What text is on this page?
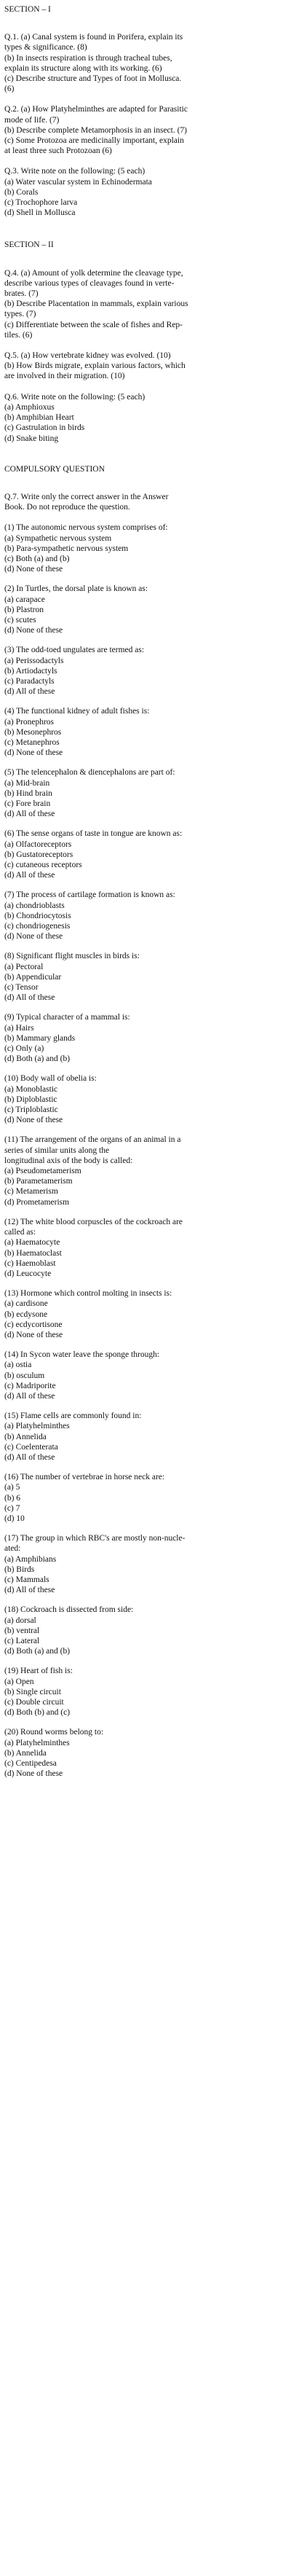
SECTION – I
Q.1. (a) Canal system is found in Porifera, explain its
types & significance. (8)
(b) In insects respiration is through tracheal tubes,
explain its structure along with its working. (6)
(c) Describe structure and Types of foot in Mollusca.
(6)
Q.2. (a) How Platyhelminthes are adapted for Parasitic
mode of life. (7)
(b) Describe complete Metamorphosis in an insect. (7)
(c) Some Protozoa are medicinally important, explain
at least three such Protozoan (6)
Q.3. Write note on the following: (5 each)
(a) Water vascular system in Echinodermata
(b) Corals
(c) Trochophore larva
(d) Shell in Mollusca
SECTION – II
Q.4. (a) Amount of yolk determine the cleavage type,
describe various types of cleavages found in verte-
brates. (7)
(b) Describe Placentation in mammals, explain various
types. (7)
(c) Differentiate between the scale of fishes and Rep-
tiles. (6)
Q.5. (a) How vertebrate kidney was evolved. (10)
(b) How Birds migrate, explain various factors, which
are involved in their migration. (10)
Q.6. Write note on the following: (5 each)
(a) Amphioxus
(b) Amphibian Heart
(c) Gastrulation in birds
(d) Snake biting
COMPULSORY QUESTION
Q.7. Write only the correct answer in the Answer
Book. Do not reproduce the question.
(1) The autonomic nervous system comprises of:
(a) Sympathetic nervous system
(b) Para-sympathetic nervous system
(c) Both (a) and (b)
(d) None of these
(2) In Turtles, the dorsal plate is known as:
(a) carapace
(b) Plastron
(c) scutes
(d) None of these
(3) The odd-toed ungulates are termed as:
(a) Perissodactyls
(b) Artiodactyls
(c) Paradactyls
(d) All of these
(4) The functional kidney of adult fishes is:
(a) Pronephros
(b) Mesonephros
(c) Metanephros
(d) None of these
(5) The telencephalon & diencephalons are part of:
(a) Mid-brain
(b) Hind brain
(c) Fore brain
(d) All of these
(6) The sense organs of taste in tongue are known as:
(a) Olfactoreceptors
(b) Gustatoreceptors
(c) cutaneous receptors
(d) All of these
(7) The process of cartilage formation is known as:
(a) chondrioblasts
(b) Chondriocytosis
(c) chondriogenesis
(d) None of these
(8) Significant flight muscles in birds is:
(a) Pectoral
(b) Appendicular
(c) Tensor
(d) All of these
(9) Typical character of a mammal is:
(a) Hairs
(b) Mammary glands
(c) Only (a)
(d) Both (a) and (b)
(10) Body wall of obelia is:
(a) Monoblastic
(b) Diploblastic
(c) Triploblastic
(d) None of these
(11) The arrangement of the organs of an animal in a
series of similar units along the
longitudinal axis of the body is called:
(a) Pseudometamerism
(b) Parametamerism
(c) Metamerism
(d) Prometamerism
(12) The white blood corpuscles of the cockroach are
called as:
(a) Haematocyte
(b) Haematoclast
(c) Haemoblast
(d) Leucocyte
(13) Hormone which control molting in insects is:
(a) cardisone
(b) ecdysone
(c) ecdycortisone
(d) None of these
(14) In Sycon water leave the sponge through:
(a) ostia
(b) osculum
(c) Madriporite
(d) All of these
(15) Flame cells are commonly found in:
(a) Platyhelminthes
(b) Annelida
(c) Coelenterata
(d) All of these
(16) The number of vertebrae in horse neck are:
(a) 5
(b) 6
(c) 7
(d) 10
(17) The group in which RBC's are mostly non-nucle-
ated:
(a) Amphibians
(b) Birds
(c) Mammals
(d) All of these
(18) Cockroach is dissected from side:
(a) dorsal
(b) ventral
(c) Lateral
(d) Both (a) and (b)
(19) Heart of fish is:
(a) Open
(b) Single circuit
(c) Double circuit
(d) Both (b) and (c)
(20) Round worms belong to:
(a) Platyhelminthes
(b) Annelida
(c) Centipedesa
(d) None of these
